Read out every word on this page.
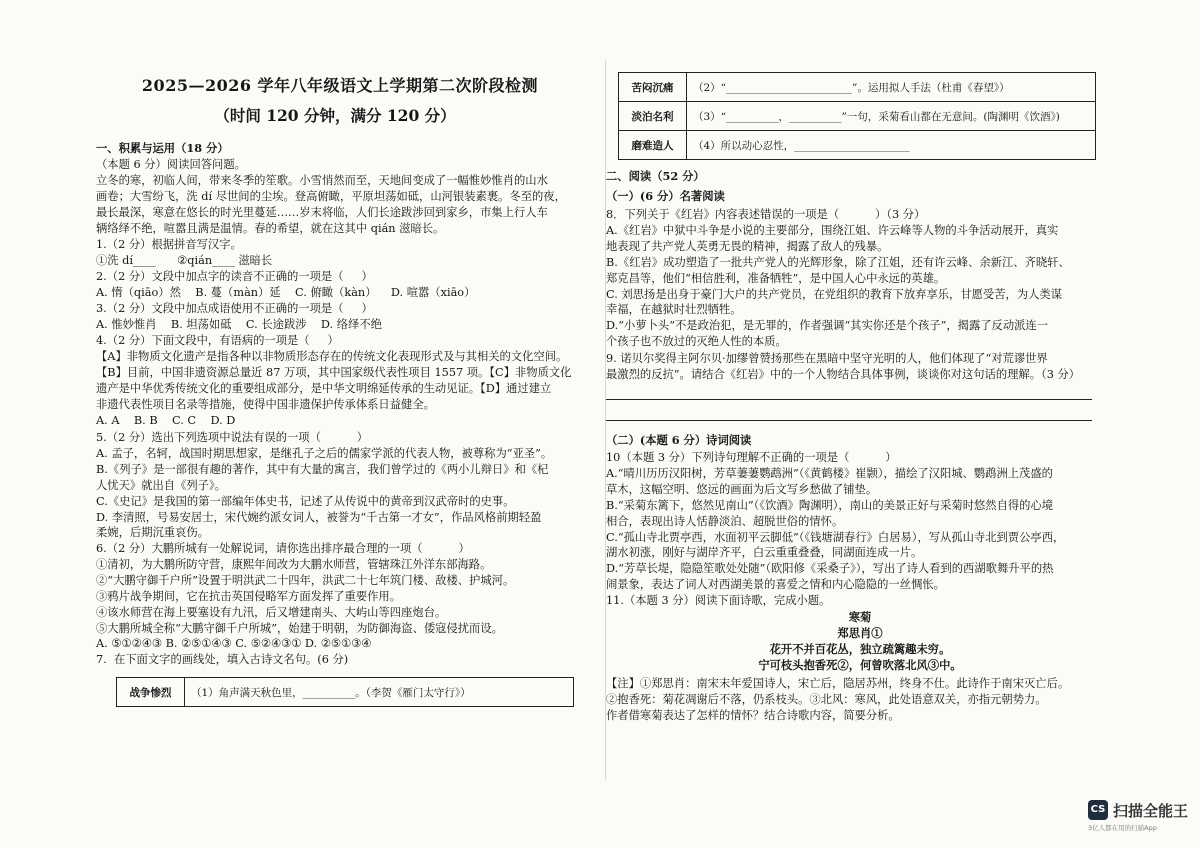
2025—2026 学年八年级语文上学期第二次阶段检测
（时间 120 分钟，满分 120 分）
一、积累与运用（18 分）
（本题 6 分）阅读回答问题。
立冬的寒，初临人间，带来冬季的笙歌。小雪悄然而至，天地间变成了一幅惟妙惟肖的山水
画卷；大雪纷飞，洗 dí 尽世间的尘埃。登高俯瞰，平原坦荡如砥，山河银装素裹。冬至的夜，
最长最深，寒意在悠长的时光里蔓延……岁末将临，人们长途跋涉回到家乡，市集上行人车
辆络绎不绝，喧嚣且满是温情。春的希望，就在这其中 qián 滋暗长。
1.（2 分）根据拼音写汉字。
①洗 dí____      ②qián____ 滋暗长
2.（2 分）文段中加点字的读音不正确的一项是（     ）
A. 惰（qiāo）然    B. 蔓（màn）延    C. 俯瞰（kàn）    D. 喧嚣（xiāo）
3.（2 分）文段中加点成语使用不正确的一项是（     ）
A. 惟妙惟肖    B. 坦荡如砥    C. 长途跋涉    D. 络绎不绝
4.（2 分）下面文段中，有语病的一项是（     ）
【A】非物质文化遗产是指各种以非物质形态存在的传统文化表现形式及与其相关的文化空间。
【B】目前，中国非遗资源总量近 87 万项，其中国家级代表性项目 1557 项。【C】非物质文化
遗产是中华优秀传统文化的重要组成部分，是中华文明绵延传承的生动见证。【D】通过建立
非遗代表性项目名录等措施，使得中国非遗保护传承体系日益健全。
A. A    B. B    C. C    D. D
5.（2 分）选出下列选项中说法有误的一项（          ）
A. 孟子，名轲，战国时期思想家，是继孔子之后的儒家学派的代表人物，被尊称为“亚圣”。
B.《列子》是一部很有趣的著作，其中有大量的寓言，我们曾学过的《两小儿辩日》和《杞
人忧天》就出自《列子》。
C.《史记》是我国的第一部编年体史书，记述了从传说中的黄帝到汉武帝时的史事。
D. 李清照，号易安居士，宋代婉约派女词人，被誉为“千古第一才女”，作品风格前期轻盈
柔婉，后期沉重哀伤。
6.（2 分）大鹏所城有一处解说词，请你选出排序最合理的一项（          ）
①清初，为大鹏所防守营，康熙年间改为大鹏水师营，管辖珠江外洋东部海路。
②“大鹏守御千户所”设置于明洪武二十四年，洪武二十七年筑门楼、敌楼、护城河。
③鸦片战争期间，它在抗击英国侵略军方面发挥了重要作用。
④该水师营在海上要塞设有九汛，后又增建南头、大屿山等四座炮台。
⑤大鹏所城全称“大鹏守御千户所城”，始建于明朝，为防御海盗、倭寇侵扰而设。
A. ⑤①②④③ B. ②⑤①④③ C. ⑤②④③① D. ②⑤①③④
7.  在下面文字的画线处，填入古诗文名句。(6 分)
战争惨烈	（1）角声满天秋色里，__________。（李贺《雁门太守行》）
苦闷沉痛	（2）“________________________”。运用拟人手法（杜甫《春望》）
淡泊名利	（3）“__________，__________”一句，采菊看山都在无意间。(陶渊明《饮酒》)
磨难造人	（4）所以动心忍性，______________________
二、阅读（52 分）
（一）(6 分）名著阅读
8．下列关于《红岩》内容表述错误的一项是（          ）（3 分）
A.《红岩》中狱中斗争是小说的主要部分，围绕江姐、许云峰等人物的斗争活动展开，真实
地表现了共产党人英勇无畏的精神，揭露了敌人的残暴。
B.《红岩》成功塑造了一批共产党人的光辉形象，除了江姐，还有许云峰、余新江、齐晓轩、
郑克昌等，他们“相信胜利，准备牺牲”，是中国人心中永远的英雄。
C. 刘思扬是出身于豪门大户的共产党员，在党组织的教育下放弃享乐，甘愿受苦，为人类谋
幸福，在越狱时壮烈牺牲。
D.“小萝卜头”不是政治犯，是无罪的，作者强调“其实你还是个孩子”，揭露了反动派连一
个孩子也不放过的灭绝人性的本质。
9. 诺贝尔奖得主阿尔贝·加缪曾赞扬那些在黑暗中坚守光明的人，他们体现了“对荒谬世界
最激烈的反抗”。请结合《红岩》中的一个人物结合具体事例，谈谈你对这句话的理解。（3 分）
（二）(本题 6 分）诗词阅读
10（本题 3 分）下列诗句理解不正确的一项是（          ）
A.“晴川历历汉阳树，芳草萋萋鹦鹉洲”（《黄鹤楼》崔颢），描绘了汉阳城、鹦鹉洲上茂盛的
草木，这幅空明、悠远的画面为后文写乡愁做了铺垫。
B.“采菊东篱下，悠然见南山”（《饮酒》陶渊明），南山的美景正好与采菊时悠然自得的心境
相合，表现出诗人恬静淡泊、超脱世俗的情怀。
C.“孤山寺北贾亭西，水面初平云脚低”（《钱塘湖春行》白居易），写从孤山寺北到贾公亭西，
湖水初涨，刚好与湖岸齐平，白云重重叠叠，同湖面连成一片。
D.“芳草长堤，隐隐笙歌处处随”（欧阳修《采桑子》），写出了诗人看到的西湖歌舞升平的热
闹景象，表达了词人对西湖美景的喜爱之情和内心隐隐的一丝惆怅。
11.（本题 3 分）阅读下面诗歌，完成小题。
寒菊
郑思肖①
花开不并百花丛，独立疏篱趣未穷。
宁可枝头抱香死②，何曾吹落北风③中。
【注】①郑思肖：南宋末年爱国诗人，宋亡后，隐居苏州，终身不仕。此诗作于南宋灭亡后。
②抱香死：菊花凋谢后不落，仍系枝头。③北风：寒风，此处语意双关，亦指元朝势力。
作者借寒菊表达了怎样的情怀？结合诗歌内容，简要分析。
CS 扫描全能王
3亿人都在用的扫描App
